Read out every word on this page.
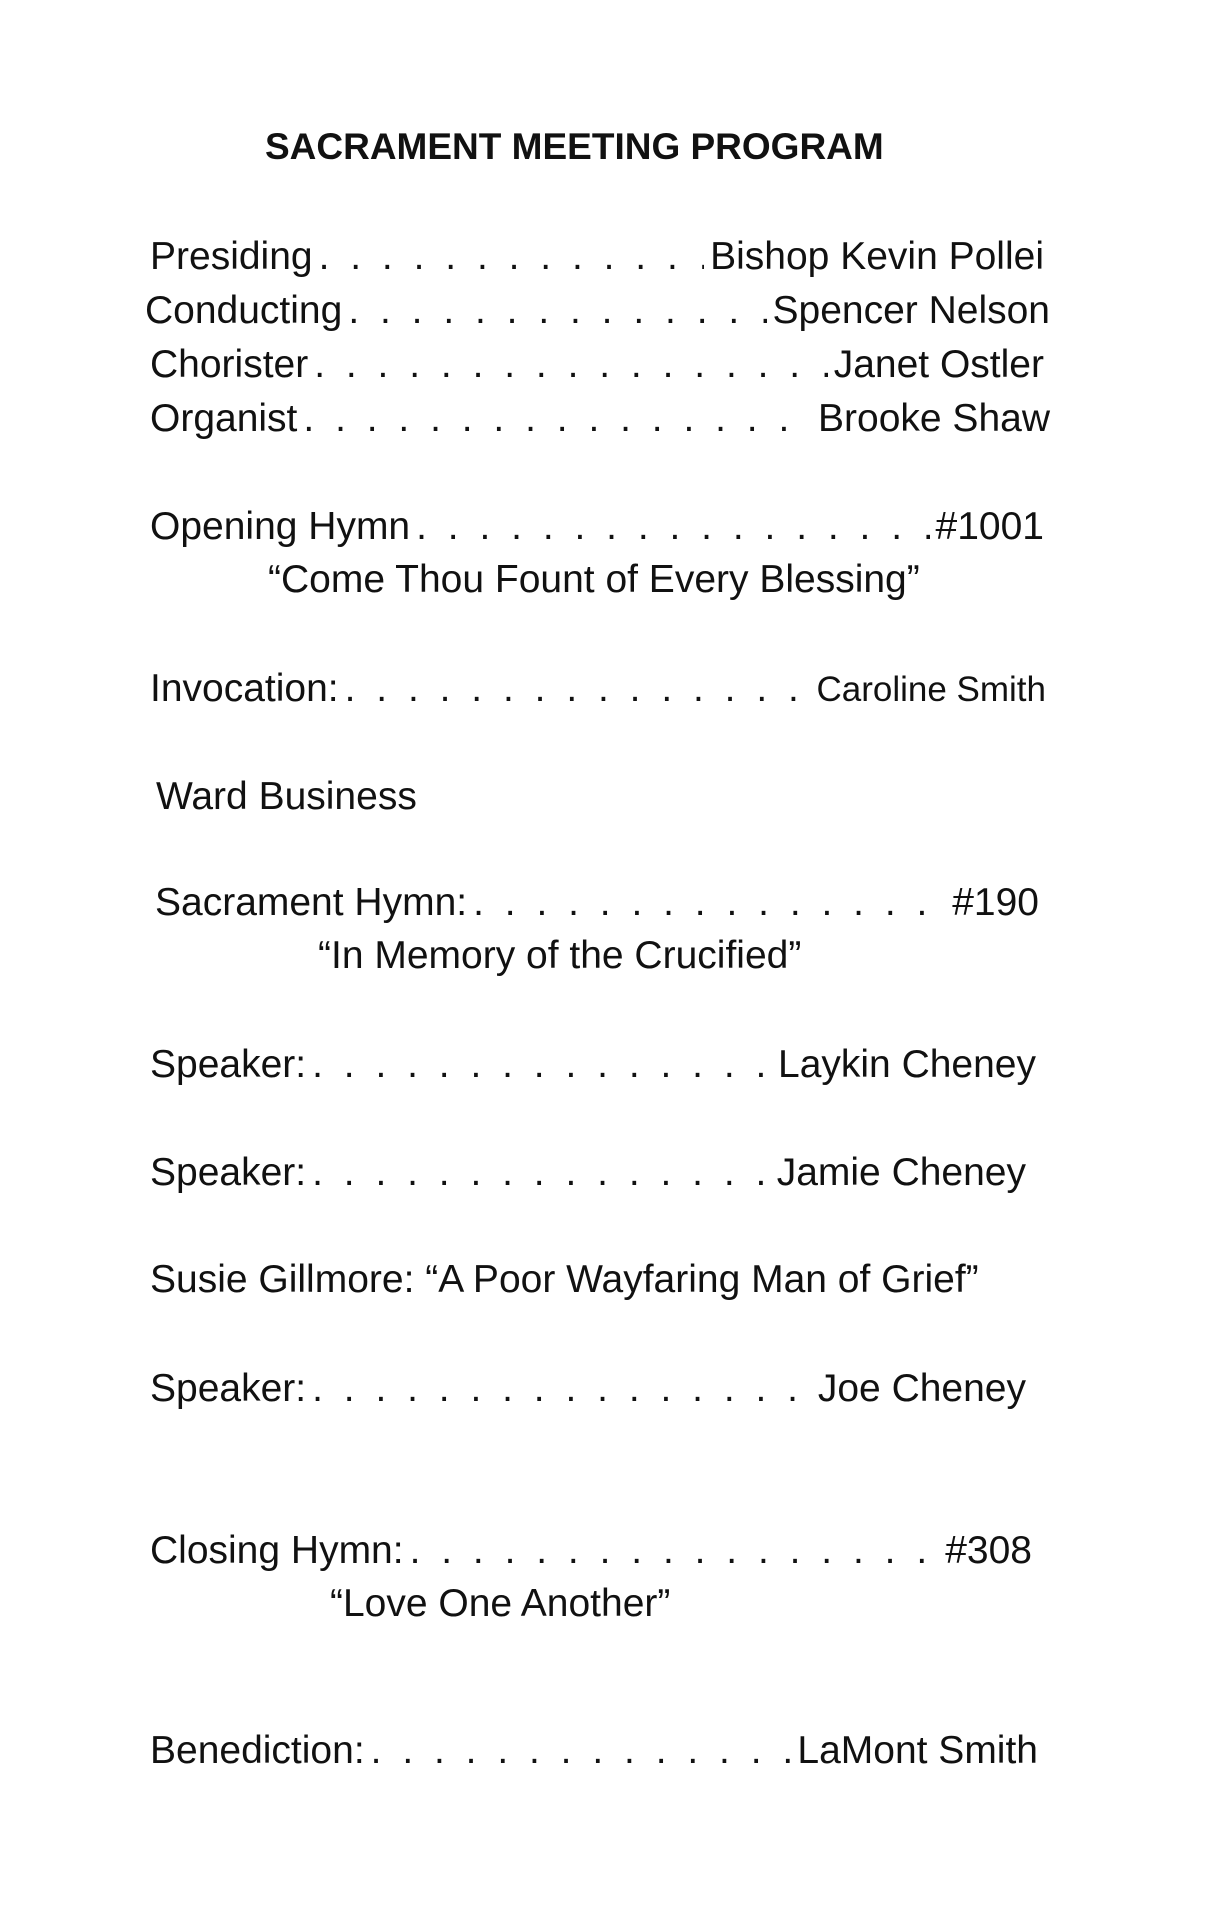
SACRAMENT MEETING PROGRAM
Presiding . . .	Bishop Kevin Pollei
Conducting . . .	Spencer Nelson
Chorister . . .	Janet Ostler
Organist . . .	Brooke Shaw
Opening Hymn . . .	#1001
“Come Thou Fount of Every Blessing”
Invocation: . . .	Caroline Smith
Ward Business
Sacrament Hymn: . . .	#190
“In Memory of the Crucified”
Speaker: . . .	Laykin Cheney
Speaker: . . .	Jamie Cheney
Susie Gillmore: “A Poor Wayfaring Man of Grief”
Speaker: . . .	Joe Cheney
Closing Hymn: . . .	#308
“Love One Another”
Benediction: . . .	LaMont Smith
